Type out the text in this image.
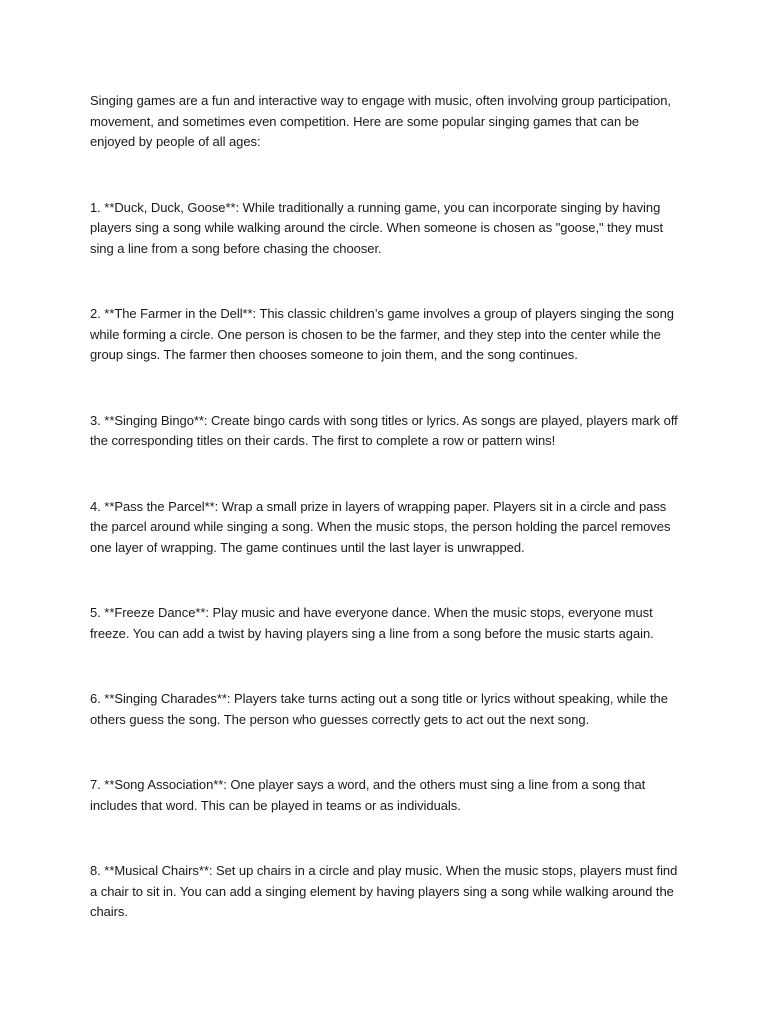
Singing games are a fun and interactive way to engage with music, often involving group participation, movement, and sometimes even competition. Here are some popular singing games that can be enjoyed by people of all ages:

1. **Duck, Duck, Goose**: While traditionally a running game, you can incorporate singing by having players sing a song while walking around the circle. When someone is chosen as "goose," they must sing a line from a song before chasing the chooser.

2. **The Farmer in the Dell**: This classic children’s game involves a group of players singing the song while forming a circle. One person is chosen to be the farmer, and they step into the center while the group sings. The farmer then chooses someone to join them, and the song continues.

3. **Singing Bingo**: Create bingo cards with song titles or lyrics. As songs are played, players mark off the corresponding titles on their cards. The first to complete a row or pattern wins!

4. **Pass the Parcel**: Wrap a small prize in layers of wrapping paper. Players sit in a circle and pass the parcel around while singing a song. When the music stops, the person holding the parcel removes one layer of wrapping. The game continues until the last layer is unwrapped.

5. **Freeze Dance**: Play music and have everyone dance. When the music stops, everyone must freeze. You can add a twist by having players sing a line from a song before the music starts again.

6. **Singing Charades**: Players take turns acting out a song title or lyrics without speaking, while the others guess the song. The person who guesses correctly gets to act out the next song.

7. **Song Association**: One player says a word, and the others must sing a line from a song that includes that word. This can be played in teams or as individuals.

8. **Musical Chairs**: Set up chairs in a circle and play music. When the music stops, players must find a chair to sit in. You can add a singing element by having players sing a song while walking around the chairs.
